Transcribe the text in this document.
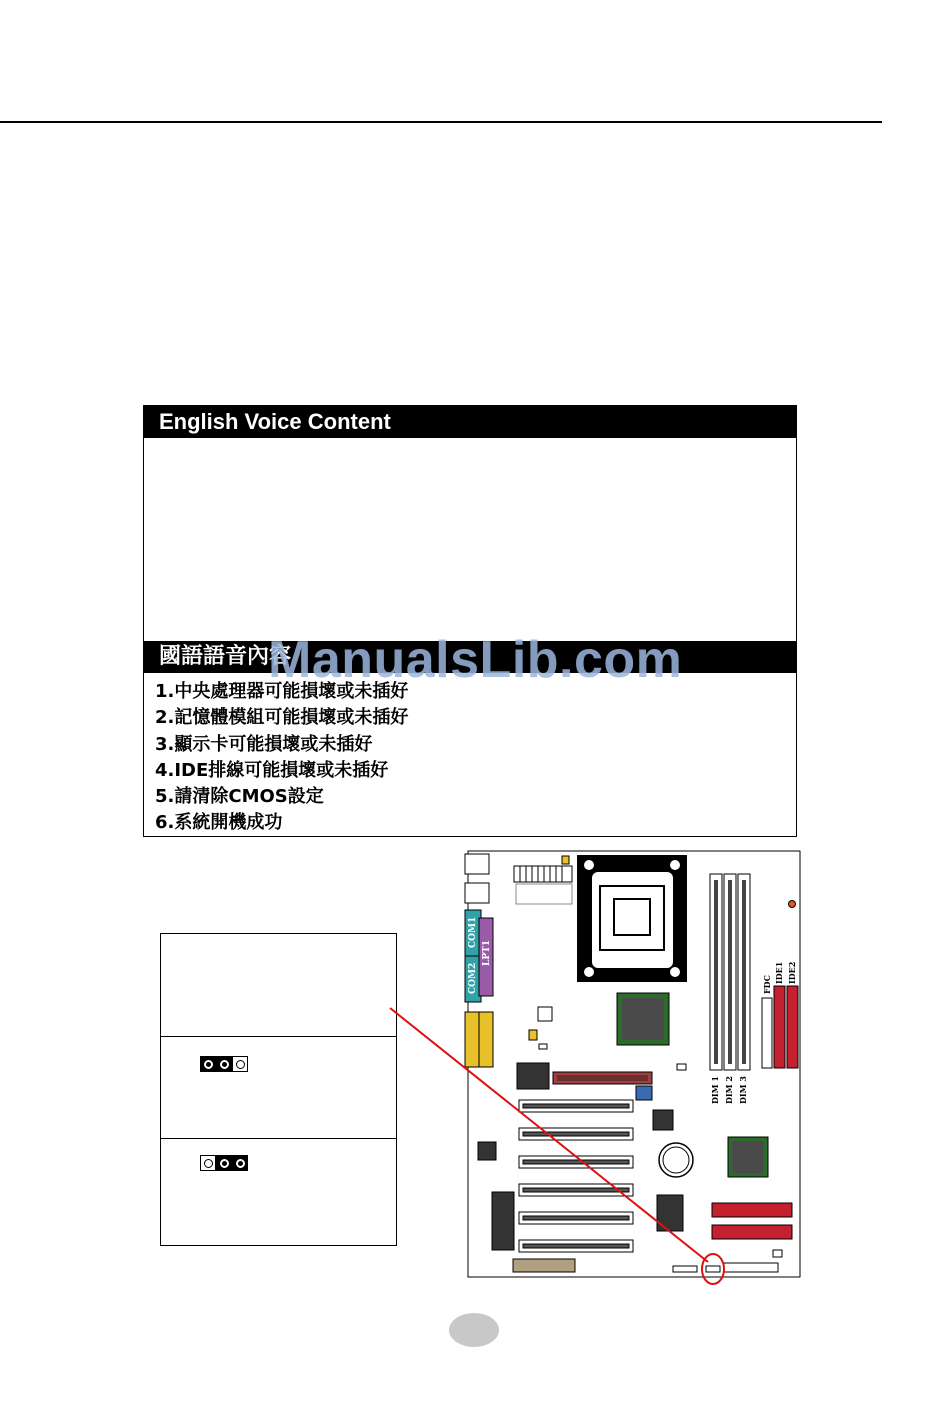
English Voice Content
國語語音內容
1.中央處理器可能損壞或未插好
2.記憶體模組可能損壞或未插好
3.顯示卡可能損壞或未插好
4.IDE排線可能損壞或未插好
5.請清除CMOS設定
6.系統開機成功
ManualsLib.com
COM1
COM2
LPT1
DIM 1 DIM 2 DIM 3
FDC
IDE1 IDE2
